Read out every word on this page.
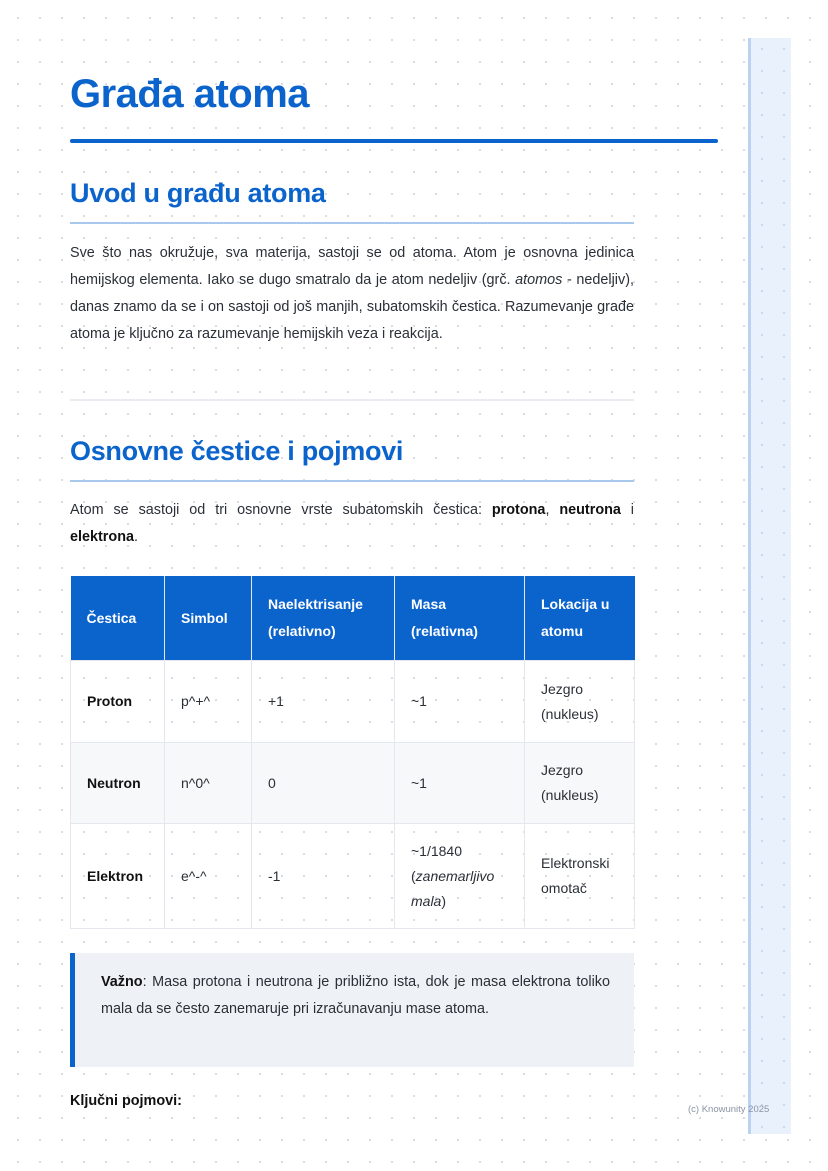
Građa atoma
Uvod u građu atoma

Sve što nas okružuje, sva materija, sastoji se od atoma. Atom je osnovna jedinica hemijskog elementa. Iako se dugo smatralo da je atom nedeljiv (grč. atomos - nedeljiv), danas znamo da se i on sastoji od još manjih, subatomskih čestica. Razumevanje građe atoma je ključno za razumevanje hemijskih veza i reakcija.

Osnovne čestice i pojmovi

Atom se sastoji od tri osnovne vrste subatomskih čestica: protona, neutrona i elektrona.

Čestica	Simbol	Naelektrisanje (relativno)	Masa (relativna)	Lokacija u atomu
Proton	p^+^	+1	~1	Jezgro (nukleus)
Neutron	n^0^	0	~1	Jezgro (nukleus)
Elektron	e^-^	-1	~1/1840 (zanemarljivo mala)	Elektronski omotač
Važno: Masa protona i neutrona je približno ista, dok je masa elektrona toliko mala da se često zanemaruje pri izračunavanju mase atoma.

Ključni pojmovi:

(c) Knowunity 2025
